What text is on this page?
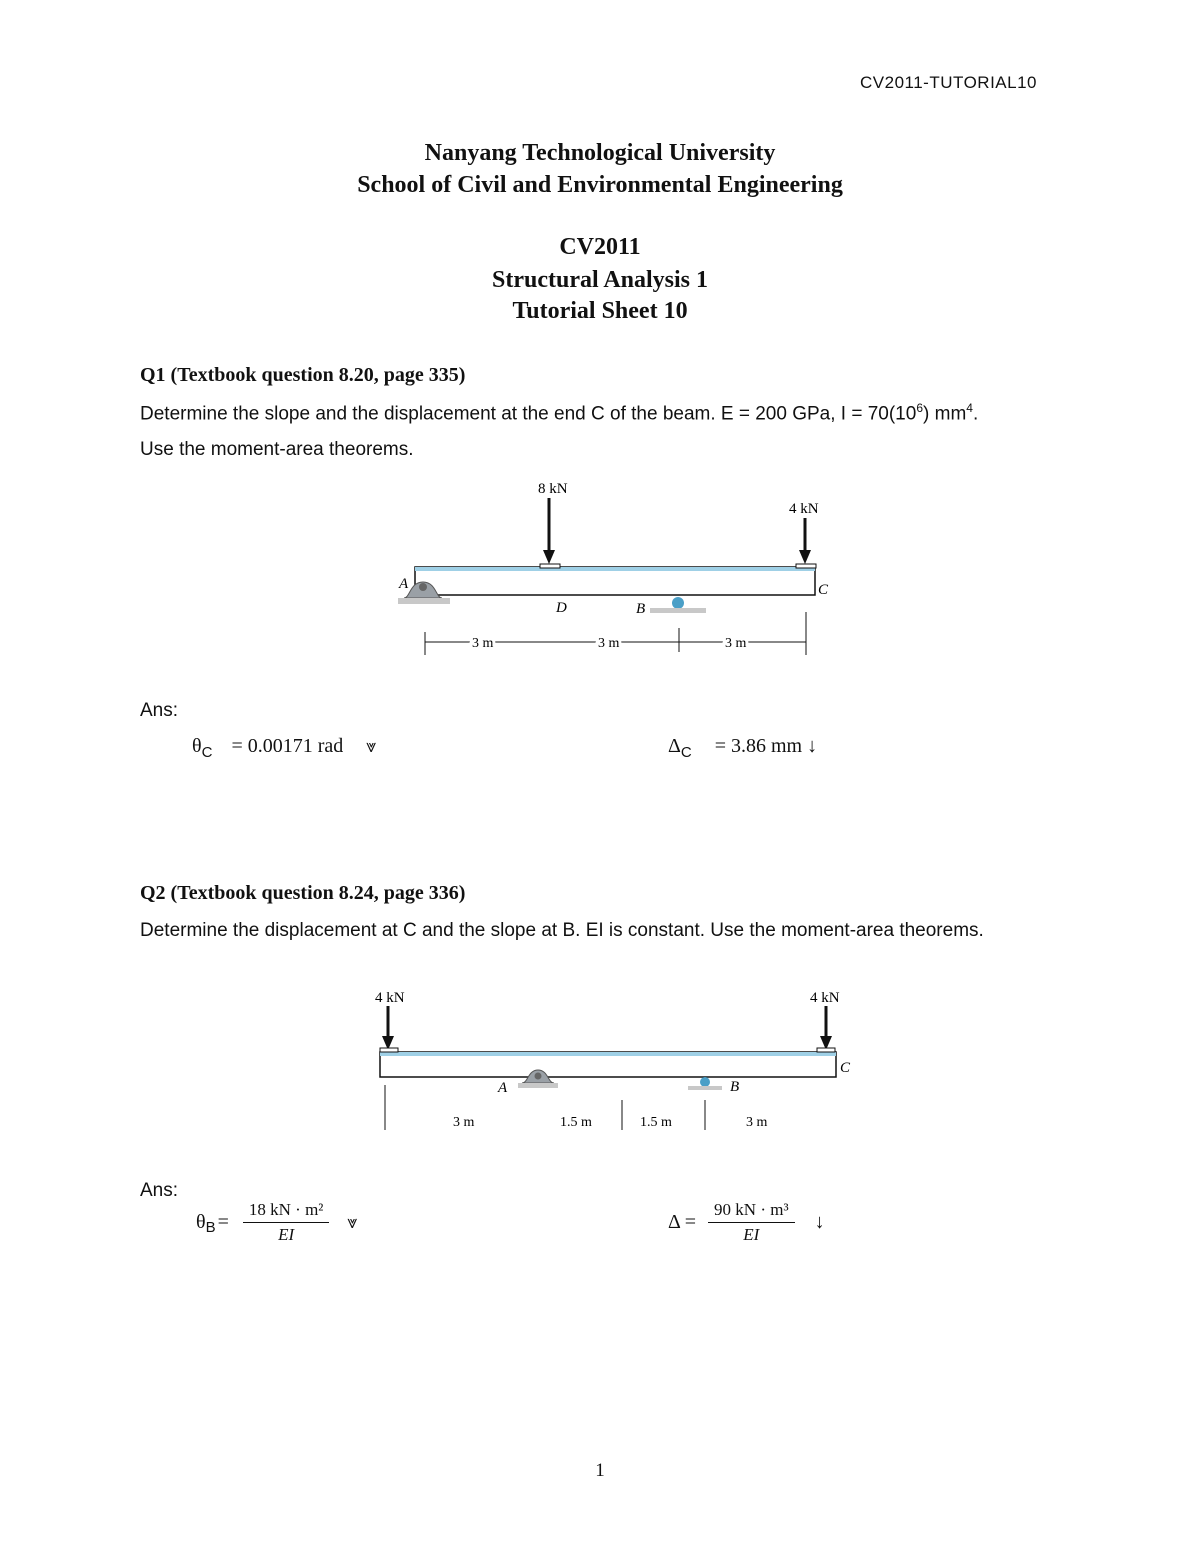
CV2011-TUTORIAL10
Nanyang Technological University
School of Civil and Environmental Engineering
CV2011
Structural Analysis 1
Tutorial Sheet 10
Q1 (Textbook question 8.20, page 335)
Determine the slope and the displacement at the end C of the beam. E = 200 GPa, $I = 70(10^6)$ $mm^4$.
Use the moment-area theorems.
8 kN
4 kN
A
B
D
C
3 m	3 m	3 m
Ans:
$\theta_C = 0.00171$ rad ⩔	$\Delta_C = 3.86$ mm ↓
Q2 (Textbook question 8.24, page 336)
Determine the displacement at C and the slope at B. EI is constant. Use the moment-area theorems.
4 kN	4 kN
A	B
C
3 m	1.5 m	1.5 m	3 m
Ans:
θ $B = \frac{\text{18 kN · m²}}{EI}$ ⩔	$\Delta = \frac{\text{90 kN · m³}}{EI}$ ↓
1
